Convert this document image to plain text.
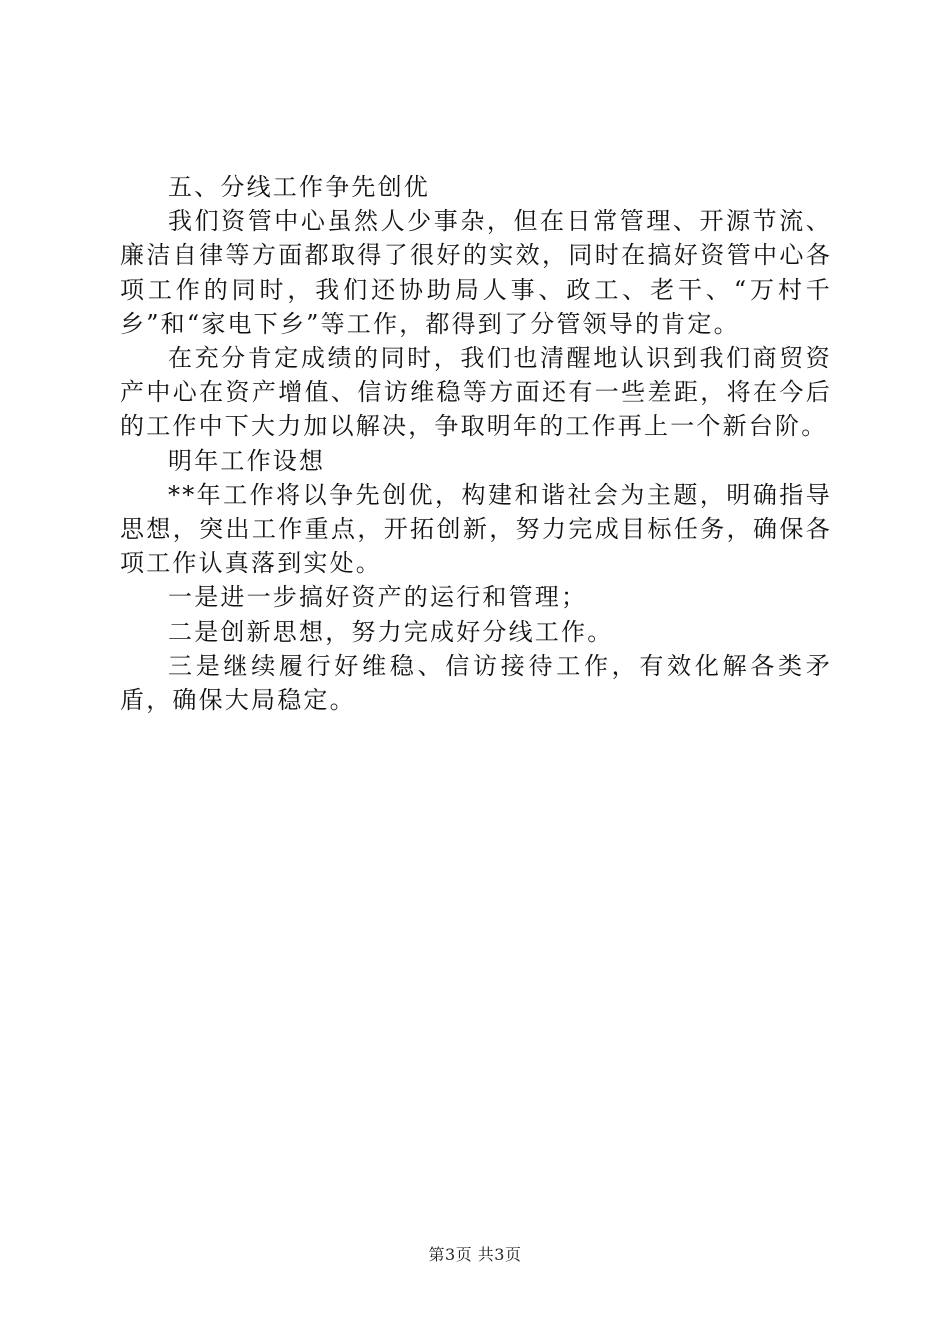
五、分线工作争先创优

我们资管中心虽然人少事杂，但在日常管理、开源节流、廉洁自律等方面都取得了很好的实效，同时在搞好资管中心各项工作的同时，我们还协助局人事、政工、老干、“万村千乡”和“家电下乡”等工作，都得到了分管领导的肯定。

在充分肯定成绩的同时，我们也清醒地认识到我们商贸资产中心在资产增值、信访维稳等方面还有一些差距，将在今后的工作中下大力加以解决，争取明年的工作再上一个新台阶。

明年工作设想

**年工作将以争先创优，构建和谐社会为主题，明确指导思想，突出工作重点，开拓创新，努力完成目标任务，确保各项工作认真落到实处。

一是进一步搞好资产的运行和管理；

二是创新思想，努力完成好分线工作。

三是继续履行好维稳、信访接待工作，有效化解各类矛盾，确保大局稳定。

第3页 共3页
